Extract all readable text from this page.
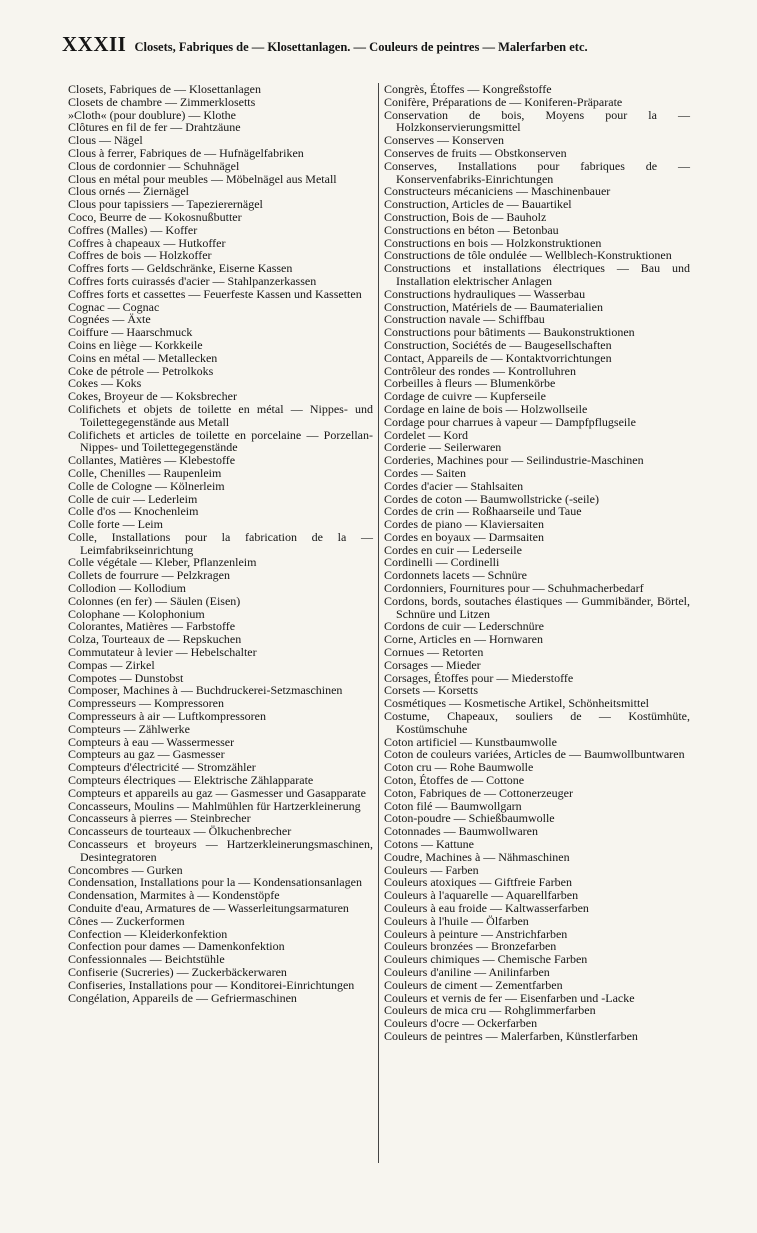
XXXII Closets, Fabriques de — Klosettanlagen. — Couleurs de peintres — Malerfarben etc.

Closets, Fabriques de — Klosettanlagen

Closets de chambre — Zimmerklosetts

»Cloth« (pour doublure) — Klothe

Clôtures en fil de fer — Drahtzäune

Clous — Nägel

Clous à ferrer, Fabriques de — Hufnägelfabriken

Clous de cordonnier — Schuhnägel

Clous en métal pour meubles — Möbelnägel aus Metall

Clous ornés — Ziernägel

Clous pour tapissiers — Tapezierernägel

Coco, Beurre de — Kokosnußbutter

Coffres (Malles) — Koffer

Coffres à chapeaux — Hutkoffer

Coffres de bois — Holzkoffer

Coffres forts — Geldschränke, Eiserne Kassen

Coffres forts cuirassés d'acier — Stahlpanzerkassen

Coffres forts et cassettes — Feuerfeste Kassen und Kassetten

Cognac — Cognac

Cognées — Äxte

Coiffure — Haarschmuck

Coins en liège — Korkkeile

Coins en métal — Metallecken

Coke de pétrole — Petrolkoks

Cokes — Koks

Cokes, Broyeur de — Koksbrecher

Colifichets et objets de toilette en métal — Nippes- und Toilettegegenstände aus Metall

Colifichets et articles de toilette en porcelaine — Porzellan-Nippes- und Toilettegegenstände

Collantes, Matières — Klebestoffe

Colle, Chenilles — Raupenleim

Colle de Cologne — Kölnerleim

Colle de cuir — Lederleim

Colle d'os — Knochenleim

Colle forte — Leim

Colle, Installations pour la fabrication de la — Leimfabrikseinrichtung

Colle végétale — Kleber, Pflanzenleim

Collets de fourrure — Pelzkragen

Collodion — Kollodium

Colonnes (en fer) — Säulen (Eisen)

Colophane — Kolophonium

Colorantes, Matières — Farbstoffe

Colza, Tourteaux de — Repskuchen

Commutateur à levier — Hebelschalter

Compas — Zirkel

Compotes — Dunstobst

Composer, Machines à — Buchdruckerei-Setzmaschinen

Compresseurs — Kompressoren

Compresseurs à air — Luftkompressoren

Compteurs — Zählwerke

Compteurs à eau — Wassermesser

Compteurs au gaz — Gasmesser

Compteurs d'électricité — Stromzähler

Compteurs électriques — Elektrische Zählapparate

Compteurs et appareils au gaz — Gasmesser und Gasapparate

Concasseurs, Moulins — Mahlmühlen für Hartzerkleinerung

Concasseurs à pierres — Steinbrecher

Concasseurs de tourteaux — Ölkuchenbrecher

Concasseurs et broyeurs — Hartzerkleinerungsmaschinen, Desintegratoren

Concombres — Gurken

Condensation, Installations pour la — Kondensationsanlagen

Condensation, Marmites à — Kondenstöpfe

Conduite d'eau, Armatures de — Wasserleitungsarmaturen

Cônes — Zuckerformen

Confection — Kleiderkonfektion

Confection pour dames — Damenkonfektion

Confessionnales — Beichtstühle

Confiserie (Sucreries) — Zuckerbäckerwaren

Confiseries, Installations pour — Konditorei-Einrichtungen

Congélation, Appareils de — Gefriermaschinen

Congrès, Étoffes — Kongreßstoffe

Conifère, Préparations de — Koniferen-Präparate

Conservation de bois, Moyens pour la — Holzkonservierungsmittel

Conserves — Konserven

Conserves de fruits — Obstkonserven

Conserves, Installations pour fabriques de — Konservenfabriks-Einrichtungen

Constructeurs mécaniciens — Maschinenbauer

Construction, Articles de — Bauartikel

Construction, Bois de — Bauholz

Constructions en béton — Betonbau

Constructions en bois — Holzkonstruktionen

Constructions de tôle ondulée — Wellblech-Konstruktionen

Constructions et installations électriques — Bau und Installation elektrischer Anlagen

Constructions hydrauliques — Wasserbau

Construction, Matériels de — Baumaterialien

Construction navale — Schiffbau

Constructions pour bâtiments — Baukonstruktionen

Construction, Sociétés de — Baugesellschaften

Contact, Appareils de — Kontaktvorrichtungen

Contrôleur des rondes — Kontrolluhren

Corbeilles à fleurs — Blumenkörbe

Cordage de cuivre — Kupferseile

Cordage en laine de bois — Holzwollseile

Cordage pour charrues à vapeur — Dampfpflugseile

Cordelet — Kord

Corderie — Seilerwaren

Corderies, Machines pour — Seilindustrie-Maschinen

Cordes — Saiten

Cordes d'acier — Stahlsaiten

Cordes de coton — Baumwollstricke (-seile)

Cordes de crin — Roßhaarseile und Taue

Cordes de piano — Klaviersaiten

Cordes en boyaux — Darmsaiten

Cordes en cuir — Lederseile

Cordinelli — Cordinelli

Cordonnets lacets — Schnüre

Cordonniers, Fournitures pour — Schuhmacherbedarf

Cordons, bords, soutaches élastiques — Gummibänder, Börtel, Schnüre und Litzen

Cordons de cuir — Lederschnüre

Corne, Articles en — Hornwaren

Cornues — Retorten

Corsages — Mieder

Corsages, Étoffes pour — Miederstoffe

Corsets — Korsetts

Cosmétiques — Kosmetische Artikel, Schönheitsmittel

Costume, Chapeaux, souliers de — Kostümhüte, Kostümschuhe

Coton artificiel — Kunstbaumwolle

Coton de couleurs variées, Articles de — Baumwollbuntwaren

Coton cru — Rohe Baumwolle

Coton, Étoffes de — Cottone

Coton, Fabriques de — Cottonerzeuger

Coton filé — Baumwollgarn

Coton-poudre — Schießbaumwolle

Cotonnades — Baumwollwaren

Cotons — Kattune

Coudre, Machines à — Nähmaschinen

Couleurs — Farben

Couleurs atoxiques — Giftfreie Farben

Couleurs à l'aquarelle — Aquarellfarben

Couleurs à eau froide — Kaltwasserfarben

Couleurs à l'huile — Ölfarben

Couleurs à peinture — Anstrichfarben

Couleurs bronzées — Bronzefarben

Couleurs chimiques — Chemische Farben

Couleurs d'aniline — Anilinfarben

Couleurs de ciment — Zementfarben

Couleurs et vernis de fer — Eisenfarben und -Lacke

Couleurs de mica cru — Rohglimmerfarben

Couleurs d'ocre — Ockerfarben

Couleurs de peintres — Malerfarben, Künstlerfarben
